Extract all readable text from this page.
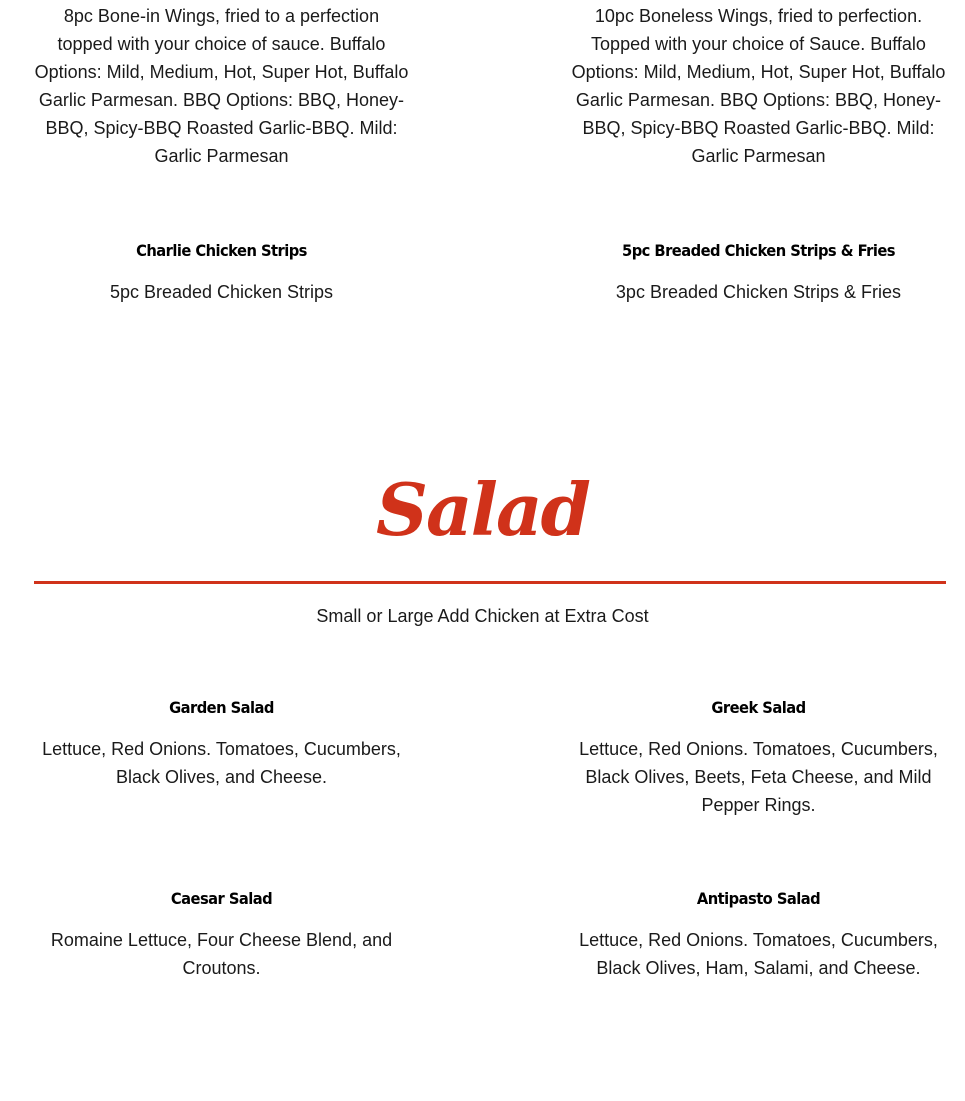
8pc Bone-in Wings, fried to a perfection topped with your choice of sauce. Buffalo Options: Mild, Medium, Hot, Super Hot, Buffalo Garlic Parmesan. BBQ Options: BBQ, Honey-BBQ, Spicy-BBQ Roasted Garlic-BBQ. Mild: Garlic Parmesan

10pc Boneless Wings, fried to perfection. Topped with your choice of Sauce. Buffalo Options: Mild, Medium, Hot, Super Hot, Buffalo Garlic Parmesan. BBQ Options: BBQ, Honey-BBQ, Spicy-BBQ Roasted Garlic-BBQ. Mild: Garlic Parmesan

Charlie Chicken Strips

5pc Breaded Chicken Strips

5pc Breaded Chicken Strips & Fries

3pc Breaded Chicken Strips & Fries

Salad
Small or Large Add Chicken at Extra Cost

Garden Salad

Lettuce, Red Onions. Tomatoes, Cucumbers, Black Olives, and Cheese.

Greek Salad

Lettuce, Red Onions. Tomatoes, Cucumbers, Black Olives, Beets, Feta Cheese, and Mild Pepper Rings.

Caesar Salad

Romaine Lettuce, Four Cheese Blend, and Croutons.

Antipasto Salad

Lettuce, Red Onions. Tomatoes, Cucumbers, Black Olives, Ham, Salami, and Cheese.
